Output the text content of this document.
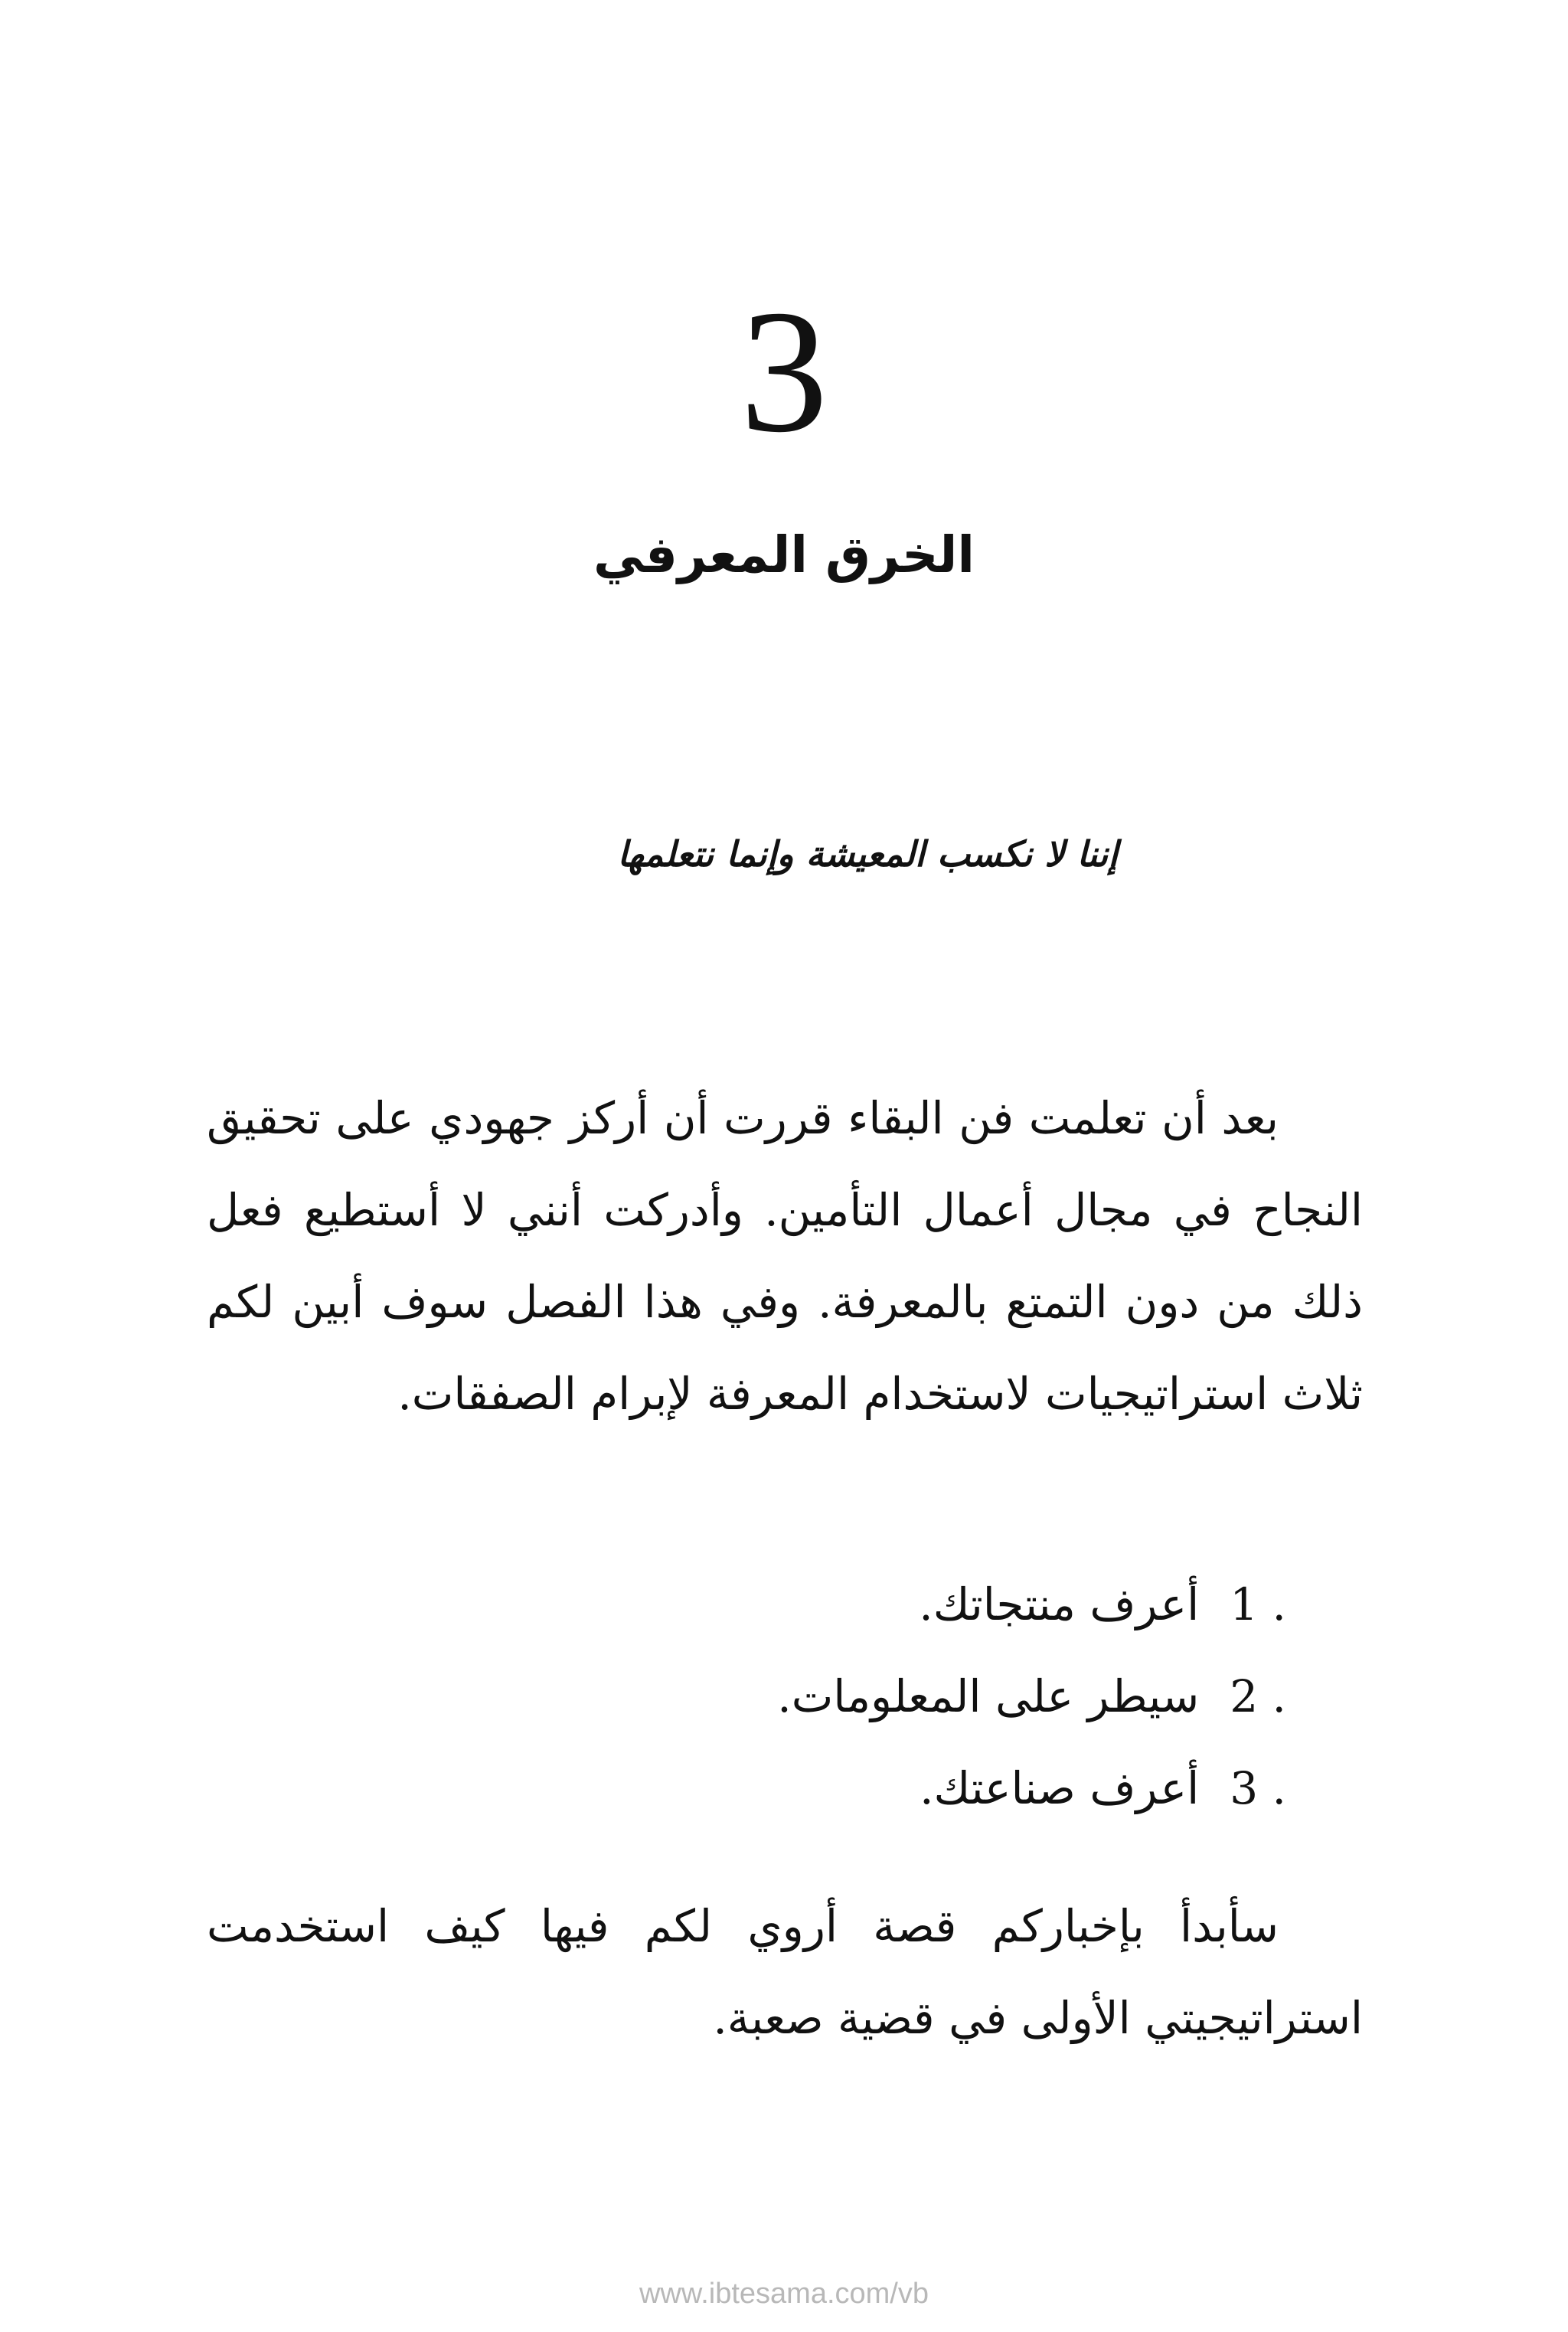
3
الخرق المعرفي
إننا لا نكسب المعيشة وإنما نتعلمها

بعد أن تعلمت فن البقاء قررت أن أركز جهودي على تحقيق النجاح في مجال أعمال التأمين. وأدركت أنني لا أستطيع فعل ذلك من دون التمتع بالمعرفة. وفي هذا الفصل سوف أبين لكم ثلاث استراتيجيات لاستخدام المعرفة لإبرام الصفقات.

1 .أعرف منتجاتك.
2 .سيطر على المعلومات.
3 .أعرف صناعتك.

سأبدأ بإخباركم قصة أروي لكم فيها كيف استخدمت استراتيجيتي الأولى في قضية صعبة.

www.ibtesama.com/vb
